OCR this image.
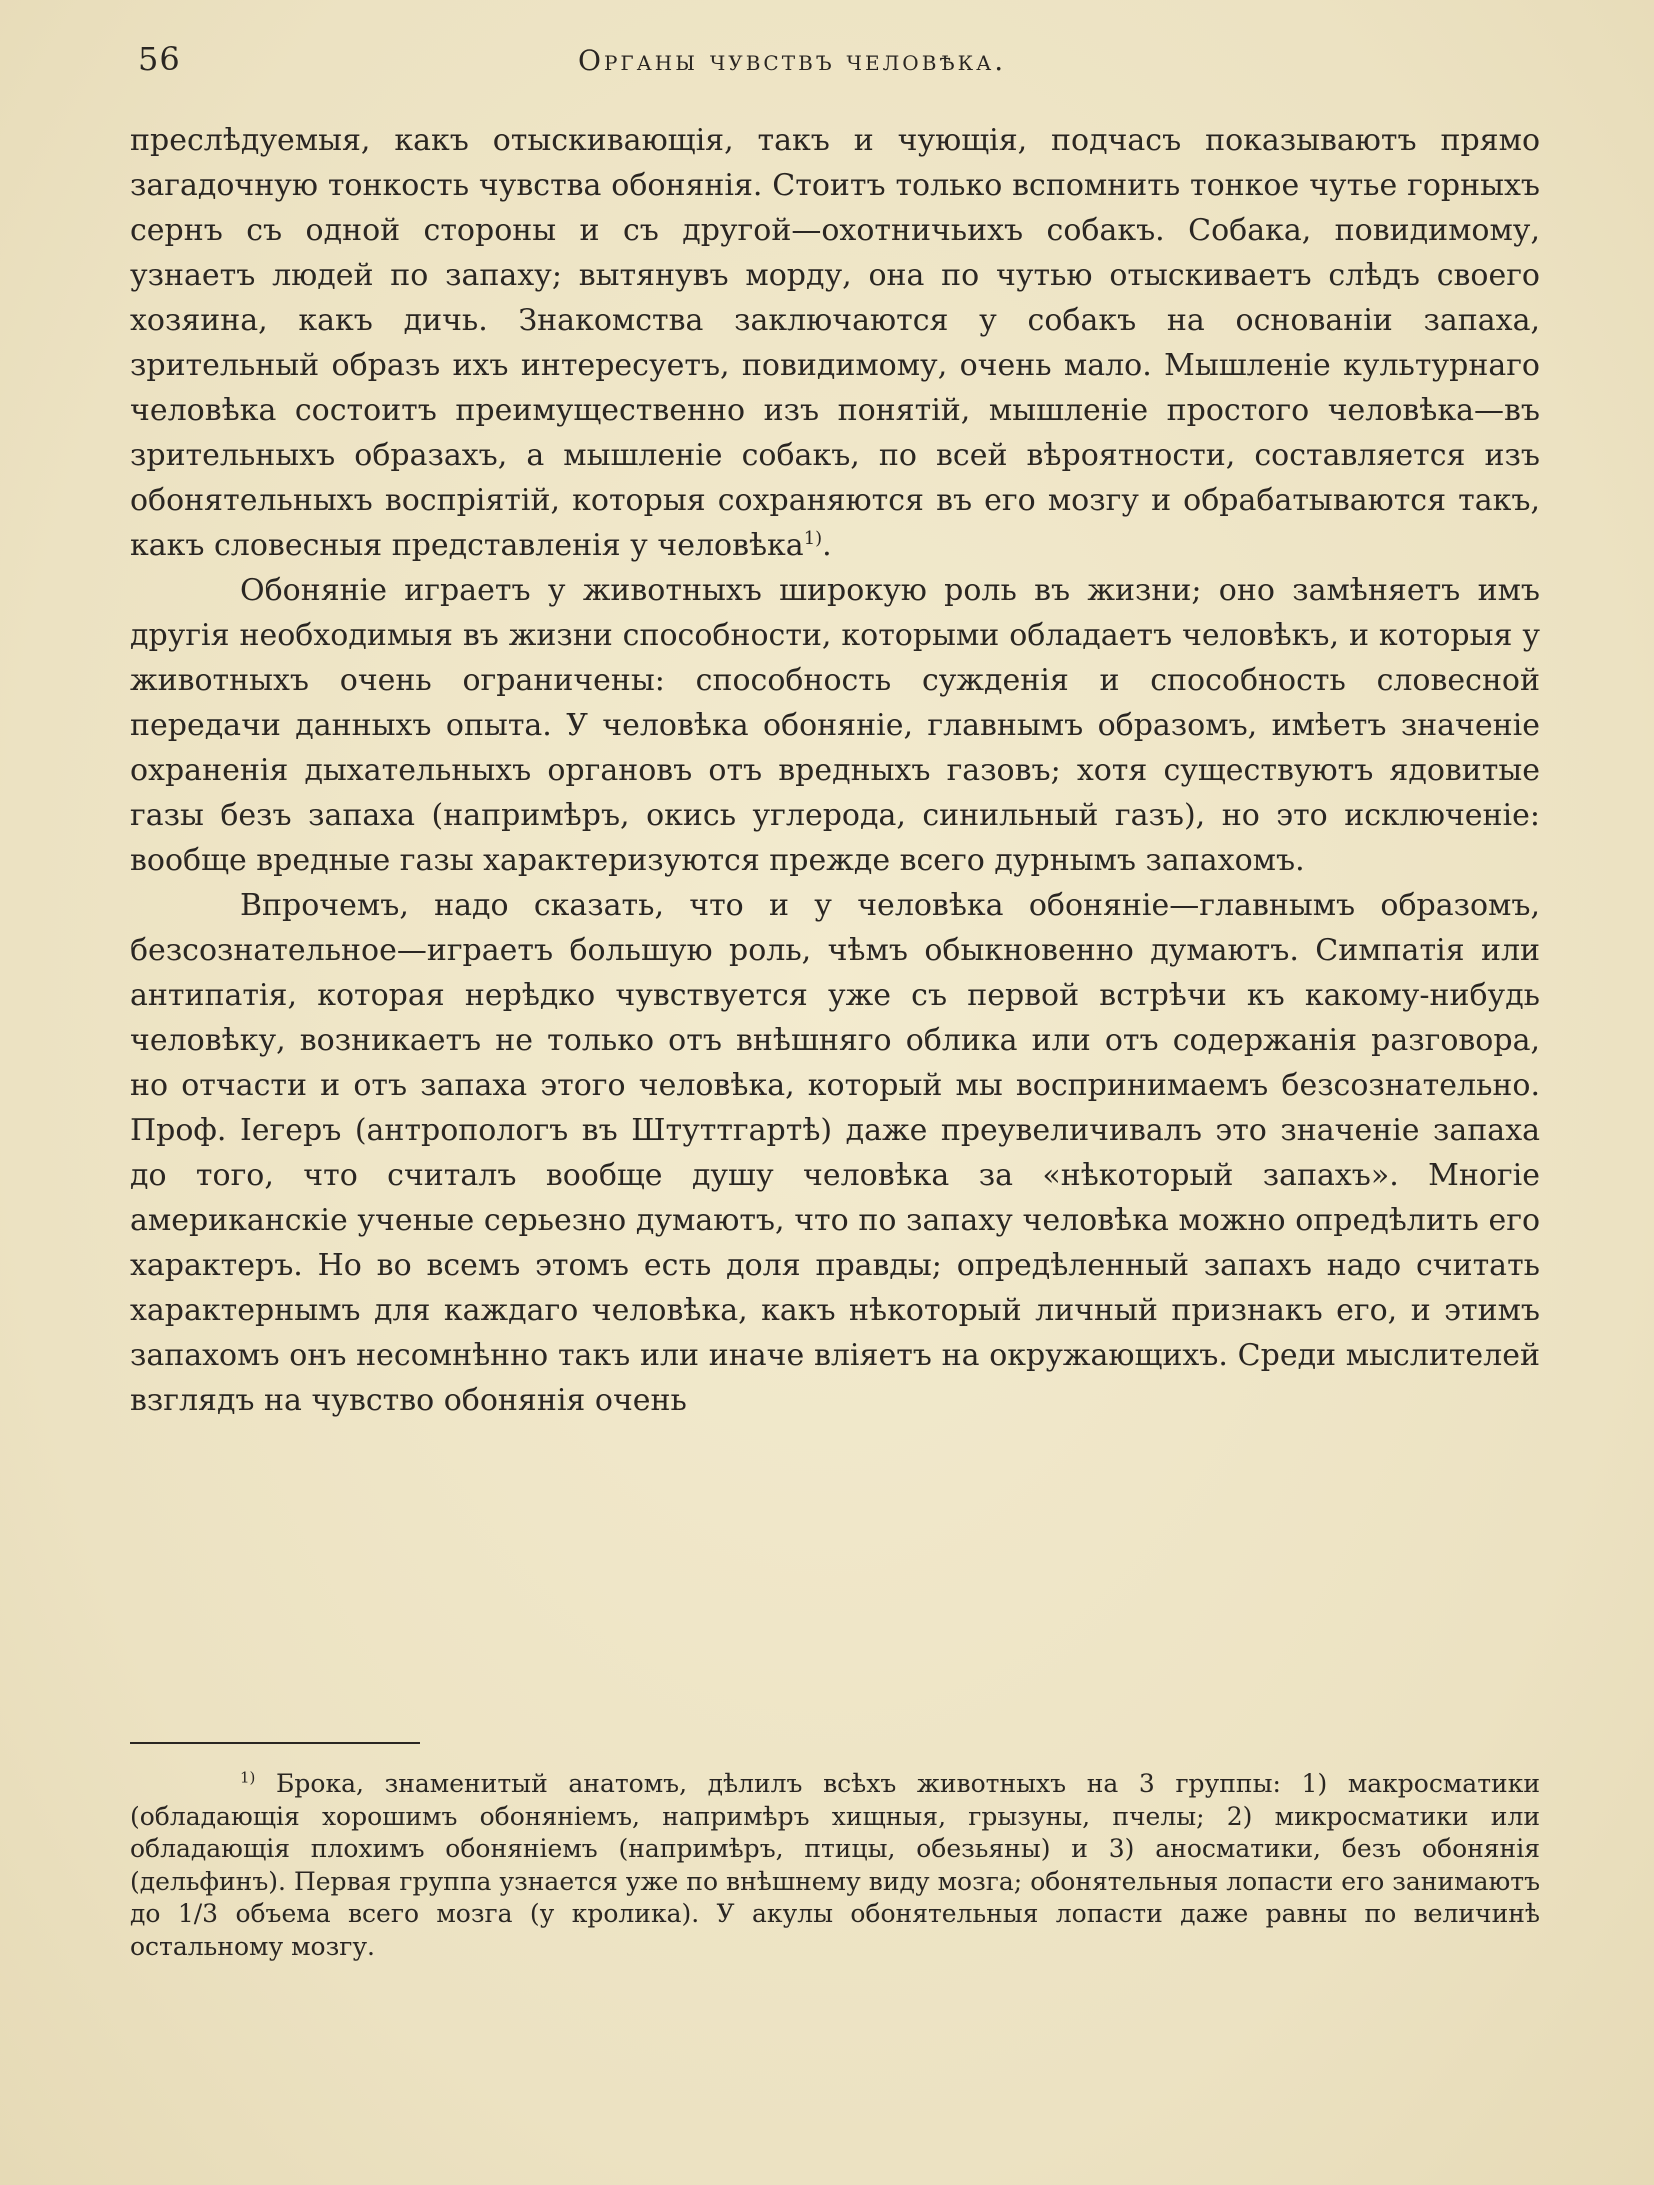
56	Органы чувствъ человѣка.

преслѣдуемыя, какъ отыскивающія, такъ и чующія, подчасъ показываютъ прямо загадочную тонкость чувства обонянія. Стоитъ только вспомнить тонкое чутье горныхъ сернъ съ одной стороны и съ другой—охотничьихъ собакъ. Собака, повидимому, узнаетъ людей по запаху; вытянувъ морду, она по чутью отыскиваетъ слѣдъ своего хозяина, какъ дичь. Знакомства заключаются у собакъ на основаніи запаха, зрительный образъ ихъ интересуетъ, повидимому, очень мало. Мышленіе культурнаго человѣка состоитъ преимущественно изъ понятій, мышленіе простого человѣка—въ зрительныхъ образахъ, а мышленіе собакъ, по всей вѣроятности, составляется изъ обонятельныхъ воспріятій, которыя сохраняются въ его мозгу и обрабатываются такъ, какъ словесныя представленія у человѣка$^{1)}$.

Обоняніе играетъ у животныхъ широкую роль въ жизни; оно замѣняетъ имъ другія необходимыя въ жизни способности, которыми обладаетъ человѣкъ, и которыя у животныхъ очень ограничены: способность сужденія и способность словесной передачи данныхъ опыта. У человѣка обоняніе, главнымъ образомъ, имѣетъ значеніе охраненія дыхательныхъ органовъ отъ вредныхъ газовъ; хотя существуютъ ядовитые газы безъ запаха (напримѣръ, окись углерода, синильный газъ), но это исключеніе: вообще вредные газы характеризуются прежде всего дурнымъ запахомъ.

Впрочемъ, надо сказать, что и у человѣка обоняніе—главнымъ образомъ, безсознательное—играетъ большую роль, чѣмъ обыкновенно думаютъ. Симпатія или антипатія, которая нерѣдко чувствуется уже съ первой встрѣчи къ какому-нибудь человѣку, возникаетъ не только отъ внѣшняго облика или отъ содержанія разговора, но отчасти и отъ запаха этого человѣка, который мы воспринимаемъ безсознательно. Проф. Іегеръ (антропологъ въ Штуттгартѣ) даже преувеличивалъ это значеніе запаха до того, что считалъ вообще душу человѣка за «нѣкоторый запахъ». Многіе американскіе ученые серьезно думаютъ, что по запаху человѣка можно опредѣлить его характеръ. Но во всемъ этомъ есть доля правды; опредѣленный запахъ надо считать характернымъ для каждаго человѣка, какъ нѣкоторый личный признакъ его, и этимъ запахомъ онъ несомнѣнно такъ или иначе вліяетъ на окружающихъ. Среди мыслителей взглядъ на чувство обонянія очень

$^{1)}$ Брока, знаменитый анатомъ, дѣлилъ всѣхъ животныхъ на 3 группы: 1) макросматики (обладающія хорошимъ обоняніемъ, напримѣръ хищныя, грызуны, пчелы; 2) микросматики или обладающія плохимъ обоняніемъ (напримѣръ, птицы, обезьяны) и 3) аносматики, безъ обонянія (дельфинъ). Первая группа узнается уже по внѣшнему виду мозга; обонятельныя лопасти его занимаютъ до 1/3 объема всего мозга (у кролика). У акулы обонятельныя лопасти даже равны по величинѣ остальному мозгу.
